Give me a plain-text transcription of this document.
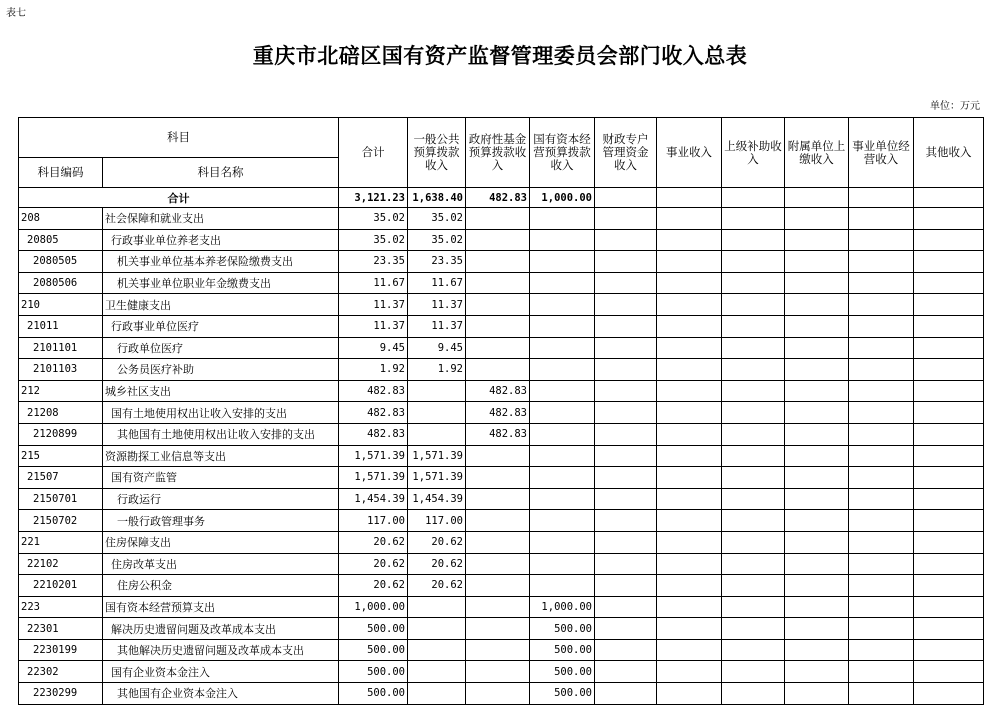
表七
重庆市北碚区国有资产监督管理委员会部门收入总表
单位：万元
科目		合计	一般公共预算拨款收入	政府性基金预算拨款收入	国有资本经营预算拨款收入	财政专户管理资金收入	事业收入	上级补助收入	附属单位上缴收入	事业单位经营收入	其他收入
科目编码	科目名称										
合计		3,121.23	1,638.40	482.83	1,000.00						
208	社会保障和就业支出	35.02	35.02								
20805	行政事业单位养老支出	35.02	35.02								
2080505	机关事业单位基本养老保险缴费支出	23.35	23.35								
2080506	机关事业单位职业年金缴费支出	11.67	11.67								
210	卫生健康支出	11.37	11.37								
21011	行政事业单位医疗	11.37	11.37								
2101101	行政单位医疗	9.45	9.45								
2101103	公务员医疗补助	1.92	1.92								
212	城乡社区支出	482.83		482.83							
21208	国有土地使用权出让收入安排的支出	482.83		482.83							
2120899	其他国有土地使用权出让收入安排的支出	482.83		482.83							
215	资源勘探工业信息等支出	1,571.39	1,571.39								
21507	国有资产监管	1,571.39	1,571.39								
2150701	行政运行	1,454.39	1,454.39								
2150702	一般行政管理事务	117.00	117.00								
221	住房保障支出	20.62	20.62								
22102	住房改革支出	20.62	20.62								
2210201	住房公积金	20.62	20.62								
223	国有资本经营预算支出	1,000.00			1,000.00						
22301	解决历史遗留问题及改革成本支出	500.00			500.00						
2230199	其他解决历史遗留问题及改革成本支出	500.00			500.00						
22302	国有企业资本金注入	500.00			500.00						
2230299	其他国有企业资本金注入	500.00			500.00						
